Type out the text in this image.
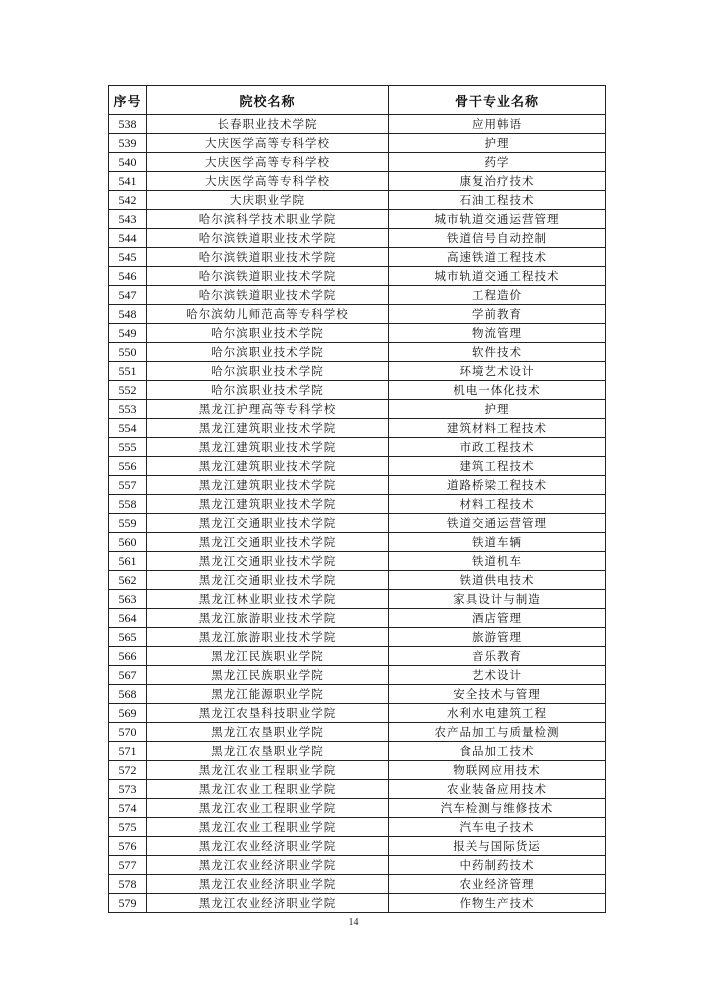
序号	院校名称	骨干专业名称
538	长春职业技术学院	应用韩语
539	大庆医学高等专科学校	护理
540	大庆医学高等专科学校	药学
541	大庆医学高等专科学校	康复治疗技术
542	大庆职业学院	石油工程技术
543	哈尔滨科学技术职业学院	城市轨道交通运营管理
544	哈尔滨铁道职业技术学院	铁道信号自动控制
545	哈尔滨铁道职业技术学院	高速铁道工程技术
546	哈尔滨铁道职业技术学院	城市轨道交通工程技术
547	哈尔滨铁道职业技术学院	工程造价
548	哈尔滨幼儿师范高等专科学校	学前教育
549	哈尔滨职业技术学院	物流管理
550	哈尔滨职业技术学院	软件技术
551	哈尔滨职业技术学院	环境艺术设计
552	哈尔滨职业技术学院	机电一体化技术
553	黑龙江护理高等专科学校	护理
554	黑龙江建筑职业技术学院	建筑材料工程技术
555	黑龙江建筑职业技术学院	市政工程技术
556	黑龙江建筑职业技术学院	建筑工程技术
557	黑龙江建筑职业技术学院	道路桥梁工程技术
558	黑龙江建筑职业技术学院	材料工程技术
559	黑龙江交通职业技术学院	铁道交通运营管理
560	黑龙江交通职业技术学院	铁道车辆
561	黑龙江交通职业技术学院	铁道机车
562	黑龙江交通职业技术学院	铁道供电技术
563	黑龙江林业职业技术学院	家具设计与制造
564	黑龙江旅游职业技术学院	酒店管理
565	黑龙江旅游职业技术学院	旅游管理
566	黑龙江民族职业学院	音乐教育
567	黑龙江民族职业学院	艺术设计
568	黑龙江能源职业学院	安全技术与管理
569	黑龙江农垦科技职业学院	水利水电建筑工程
570	黑龙江农垦职业学院	农产品加工与质量检测
571	黑龙江农垦职业学院	食品加工技术
572	黑龙江农业工程职业学院	物联网应用技术
573	黑龙江农业工程职业学院	农业装备应用技术
574	黑龙江农业工程职业学院	汽车检测与维修技术
575	黑龙江农业工程职业学院	汽车电子技术
576	黑龙江农业经济职业学院	报关与国际货运
577	黑龙江农业经济职业学院	中药制药技术
578	黑龙江农业经济职业学院	农业经济管理
579	黑龙江农业经济职业学院	作物生产技术
14
